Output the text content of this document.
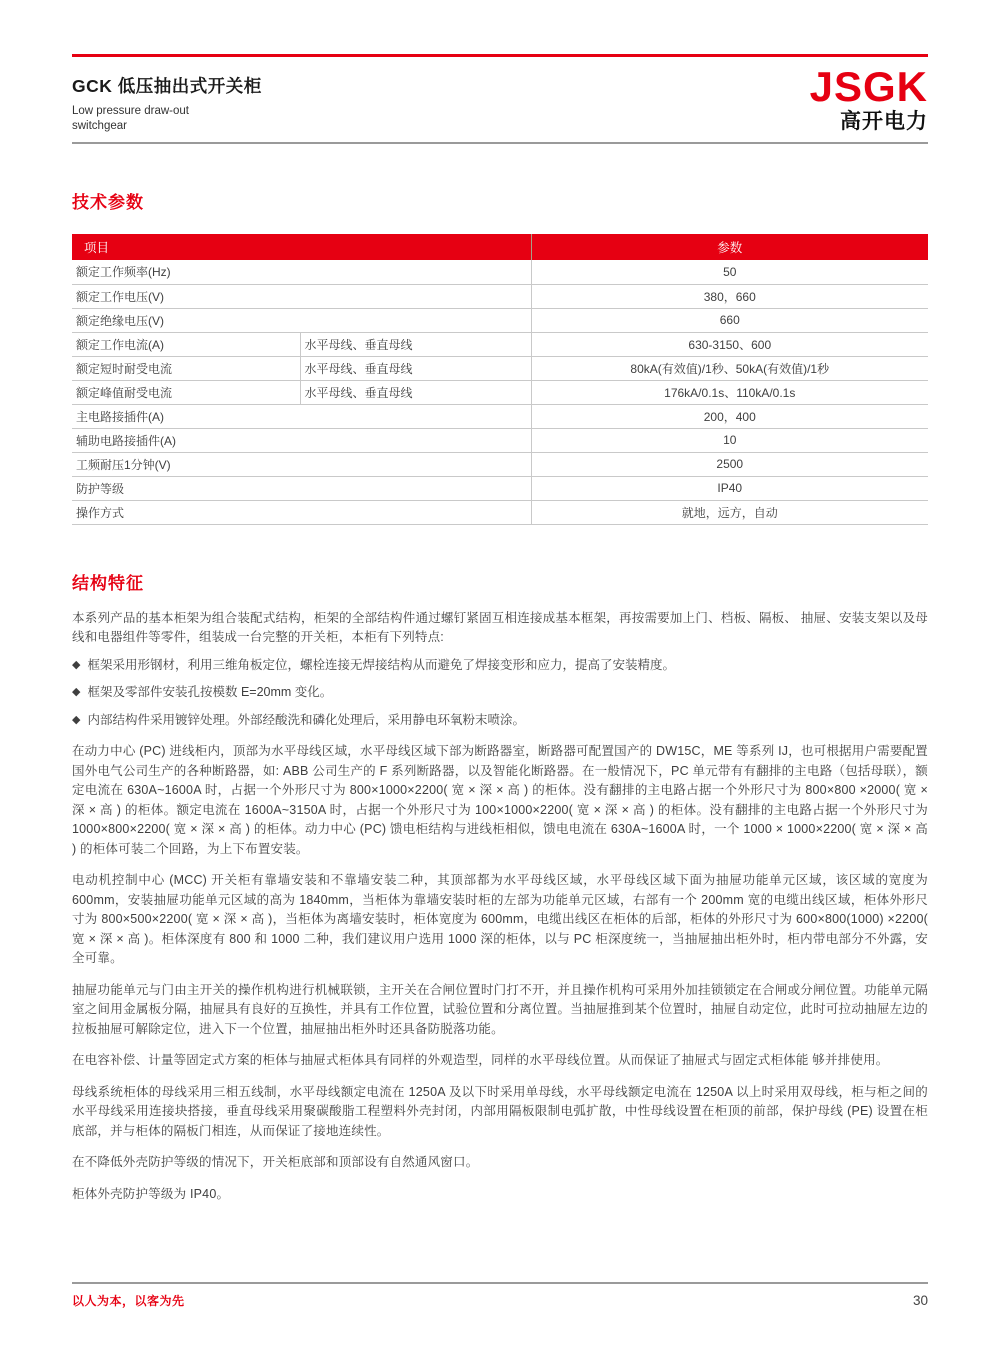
GCK 低压抽出式开关柜
Low pressure draw-out
switchgear
JSGK
高开电力
技术参数
项目		参数
额定工作频率(Hz)		50
额定工作电压(V)		380，660
额定绝缘电压(V)		660
额定工作电流(A)	水平母线、垂直母线	630-3150、600
额定短时耐受电流	水平母线、垂直母线	80kA(有效值)/1秒、50kA(有效值)/1秒
额定峰值耐受电流	水平母线、垂直母线	176kA/0.1s、110kA/0.1s
主电路接插件(A)		200，400
辅助电路接插件(A)		10
工频耐压1分钟(V)		2500
防护等级		IP40
操作方式		就地，远方，自动
结构特征

本系列产品的基本柜架为组合装配式结构，柜架的全部结构件通过螺钉紧固互相连接成基本框架，再按需要加上门、档板、隔板、 抽屉、安装支架以及母线和电器组件等零件，组装成一台完整的开关柜，本柜有下列特点:

◆ 框架采用形钢材，利用三维角板定位，螺栓连接无焊接结构从而避免了焊接变形和应力，提高了安装精度。
◆ 框架及零部件安装孔按模数 E=20mm 变化。
◆ 内部结构件采用镀锌处理。外部经酸洗和磷化处理后，采用静电环氧粉末喷涂。

在动力中心 (PC) 进线柜内，顶部为水平母线区域，水平母线区域下部为断路器室，断路器可配置国产的 DW15C，ME 等系列 IJ，也可根据用户需要配置国外电气公司生产的各种断路器，如: ABB 公司生产的 F 系列断路器，以及智能化断路器。在一般情况下，PC 单元带有有翻排的主电路（包括母联），额定电流在 630A~1600A 时，占据一个外形尺寸为 800×1000×2200( 宽 × 深 × 高 ) 的柜体。没有翻排的主电路占据一个外形尺寸为 800×800 ×2000( 宽 × 深 × 高 ) 的柜体。额定电流在 1600A~3150A 时，占据一个外形尺寸为 100×1000×2200( 宽 × 深 × 高 ) 的柜体。没有翻排的主电路占据一个外形尺寸为 1000×800×2200( 宽 × 深 × 高 ) 的柜体。动力中心 (PC) 馈电柜结构与进线柜相似，馈电电流在 630A~1600A 时，一个 1000 × 1000×2200( 宽 × 深 × 高 ) 的柜体可装二个回路，为上下布置安装。

电动机控制中心 (MCC) 开关柜有靠墙安装和不靠墙安装二种，其顶部都为水平母线区域，水平母线区域下面为抽屉功能单元区域，该区域的宽度为 600mm，安装抽屉功能单元区域的高为 1840mm，当柜体为靠墙安装时柜的左部为功能单元区域，右部有一个 200mm 宽的电缆出线区域，柜体外形尺寸为 800×500×2200( 宽 × 深 × 高 )，当柜体为离墙安装时，柜体宽度为 600mm，电缆出线区在柜体的后部，柜体的外形尺寸为 600×800(1000) ×2200( 宽 × 深 × 高 )。柜体深度有 800 和 1000 二种，我们建议用户选用 1000 深的柜体，以与 PC 柜深度统一，当抽屉抽出柜外时，柜内带电部分不外露，安全可靠。

抽屉功能单元与门由主开关的操作机构进行机械联锁，主开关在合闸位置时门打不开，并且操作机构可采用外加挂锁锁定在合闸或分闸位置。功能单元隔室之间用金属板分隔，抽屉具有良好的互换性，并具有工作位置，试验位置和分离位置。当抽屉推到某个位置时，抽屉自动定位，此时可拉动抽屉左边的拉板抽屉可解除定位，进入下一个位置，抽屉抽出柜外时还具备防脱落功能。

在电容补偿、计量等固定式方案的柜体与抽屉式柜体具有同样的外观造型，同样的水平母线位置。从而保证了抽屉式与固定式柜体能 够并排使用。

母线系统柜体的母线采用三相五线制，水平母线额定电流在 1250A 及以下时采用单母线，水平母线额定电流在 1250A 以上时采用双母线，柜与柜之间的水平母线采用连接块搭接，垂直母线采用聚碳酸脂工程塑料外壳封闭，内部用隔板限制电弧扩散，中性母线设置在柜顶的前部，保护母线 (PE) 设置在柜底部，并与柜体的隔板门相连，从而保证了接地连续性。

在不降低外壳防护等级的情况下，开关柜底部和顶部设有自然通风窗口。

柜体外壳防护等级为 IP40。

以人为本，以客为先	30
